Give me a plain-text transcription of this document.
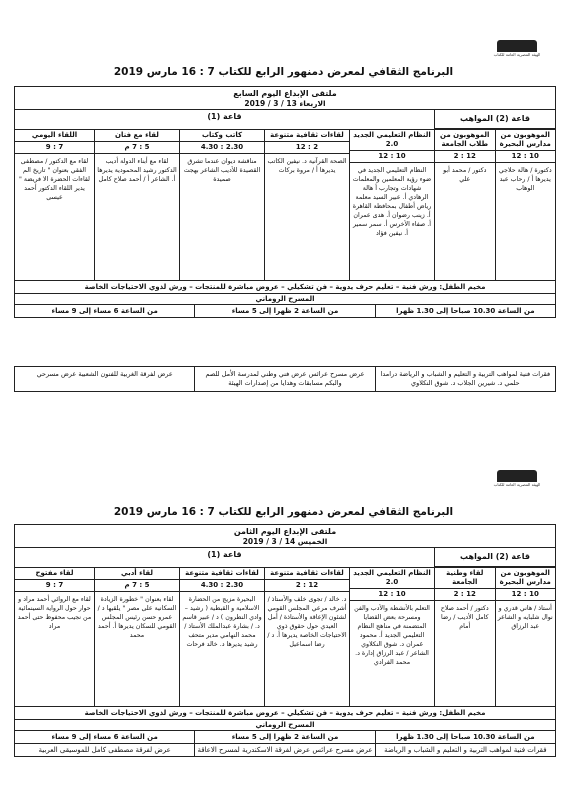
الهيئة المصرية العامة للكتاب
البرنامج الثقافي لمعرض دمنهور الرابع للكتاب 7 : 16 مارس 2019
ملتقى الإبداع اليوم السابع
الاربعاء 13 / 3 / 2019
قاعة (2) المواهب
قاعة (1)
الموهوبون من مدارس البحيرة
10 : 12
دكتورة / هالة حلاجي يديرها أ / رحاب عبد الوهاب
الموهوبون من طلاب الجامعة
12 : 2
دكتور / محمد أبو علي
النظام التعليمي الجديد 2.0
10 : 12
النظام التعليمي الجديد في ضوء رؤية المعلمين والمعلمات شهادات وتجارب أ هالة الرهادي أ. عبير السيد معلمة رياض أطفال بمحافظة القاهرة أ. زينب رضوان أ. هدى عمران أ. صفاء الأخرس أ. سمر سمير أ. نيفين فؤاد
لقاءات ثقافية متنوعة
2 : 12
الصحة القرآنية د. نيفين الكاتب يديرها أ / مروة بركات
كاتب وكتاب
2.30 : 4.30
مناقشة ديوان عندما تشرق القصيدة للأديب الشاعر بهجت صميدة
لقاء مع فنان
5 : 7 م
لقاء مع أبناء الدولة أديب الدكتور رشيد المحمودية يديرها أ. الشاعر أ / أحمد صلاح كامل
اللقاء اليومي
7 : 9
لقاء مع الدكتور / مصطفى الفقي بعنوان " تاريخ الم لقاءات الحضرة الا فريضة " يدير اللقاء الدكتور أحمد عيسى
مخيم الطفل: ورش فنية – تعليم حرف يدوية – فن تشكيلي – عروض مباشرة للمنتجات – ورش لذوي الاحتياجات الخاصة
المسرح الروماني
من الساعة 10.30 صباحا إلى 1.30 ظهرا
من الساعة 2 ظهرا إلى 5 مساء
من الساعة 6 مساء إلى 9 مساء
فقرات فنية لمواهب التربية و التعليم و الشباب و الرياضة درامدا حلمي د. شيرين الجلاب د. شوق النكلاوي
عرض مسرح عرائس عرض فني وطني لمدرسة الأمل للصم والبكم مسابقات وهدايا من إصدارات الهيئة
عرض لفرقة الغربية للفنون الشعبية عرض مسرحي
الهيئة المصرية العامة للكتاب
البرنامج الثقافي لمعرض دمنهور الرابع للكتاب 7 : 16 مارس 2019
ملتقى الإبداع اليوم الثامن
الخميس 14 / 3 / 2019
قاعة (2) المواهب
قاعة (1)
الموهوبون من مدارس البحيرة
10 : 12
أستاذ / هاني قدري و نوال شلبايه و الشاعر عبد الرزاق
لقاء وطنية الجامعة
12 : 2
دكتور / أحمد صلاح كامل الأديب / رضا أمام
النظام التعليمي الجديد 2.0
10 : 12
التعلم بالأنشطة والأدب والفن ومسرحة بعض القضايا المتضمنة في مناهج النظام التعليمي الجديد أ. محمود غمران د. شوق النكلاوي الشاعر / عبد الرزاق إدارة د. محمد الفرادي
لقاءات ثقافية متنوعة
12 : 2
د. خالد / تجوى خلف والأستاذ / أشرف مرعي المجلس القومي لشئون الإعاقة والأستاذة / أمل العيدي حول حقوق ذوي الاحتياجات الخاصة يديرها أ. د / رضا اسماعيل
لقاءات ثقافية متنوعة
2.30 : 4.30
البحيرة مزيج من الحضارة الاسلامية و القبطية ( رشيد – وادي النطرون ) د / عبير قاسم د. / بشارة عبدالملك الأستاذ / محمد النهامي مدير متحف رشيد يديرها د. خالد فرحات
لقاء أدبي
5 : 7 م
لقاء بعنوان " خطورة الزيادة السكانية على مصر " يلقيها د / عمرو حسن رئيس المجلس القومي للسكان يديرها أ. أحمد محمد
لقاء مفتوح
7 : 9
لقاء مع الروائي أحمد مراد و حوار حول الرواية السينمائية من نجيب محفوظ حتى أحمد مراد
مخيم الطفل: ورش فنية – تعليم حرف يدوية – فن تشكيلي – عروض مباشرة للمنتجات – ورش لذوي الاحتياجات الخاصة
المسرح الروماني
من الساعة 10.30 صباحا إلى 1.30 ظهرا
من الساعة 2 ظهرا إلى 5 مساء
من الساعة 6 مساء إلى 9 مساء
فقرات فنية لمواهب التربية و التعليم و الشباب و الرياضة
عرض مسرح عرائس عرض لفرقة الاسكندرية لمسرح الاعاقة
عرض لفرقة مصطفى كامل للموسيقى العربية
